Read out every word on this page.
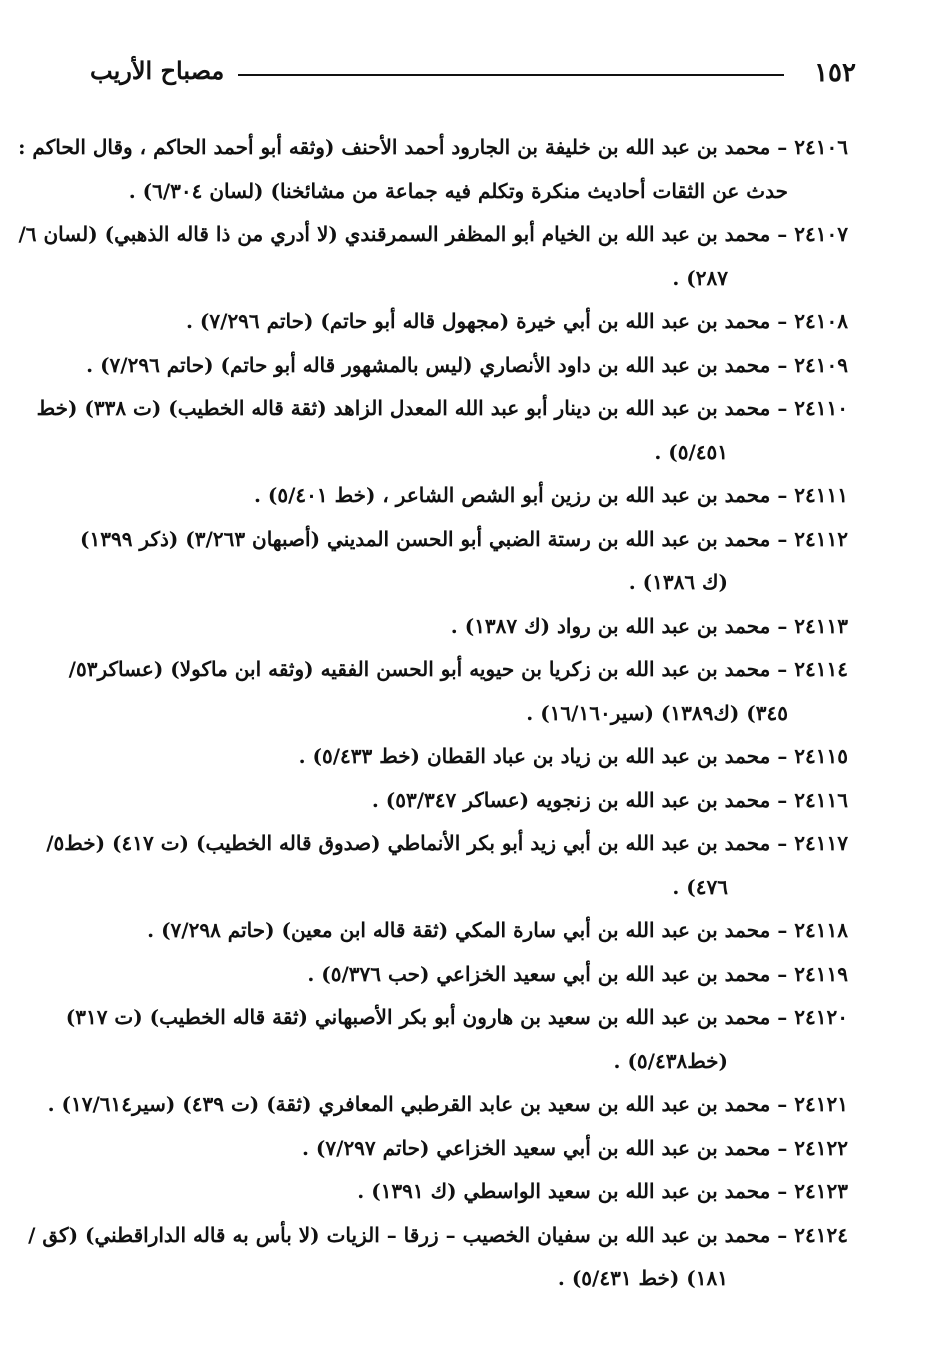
١٥٢
مصباح الأريب
٢٤١٠٦ – محمد بن عبد الله بن خليفة بن الجارود أحمد الأحنف (وثقه أبو أحمد الحاكم ، وقال الحاكم :
حدث عن الثقات أحاديث منكرة وتكلم فيه جماعة من مشائخنا) (لسان ٦/٣٠٤) .
٢٤١٠٧ – محمد بن عبد الله بن الخيام أبو المظفر السمرقندي (لا أدري من ذا قاله الذهبي) (لسان ٦/
٢٨٧) .
٢٤١٠٨ – محمد بن عبد الله بن أبي خيرة (مجهول قاله أبو حاتم) (حاتم ٧/٢٩٦) .
٢٤١٠٩ – محمد بن عبد الله بن داود الأنصاري (ليس بالمشهور قاله أبو حاتم) (حاتم ٧/٢٩٦) .
٢٤١١٠ – محمد بن عبد الله بن دينار أبو عبد الله المعدل الزاهد (ثقة قاله الخطيب) (ت ٣٣٨) (خط
٥/٤٥١) .
٢٤١١١ – محمد بن عبد الله بن رزين أبو الشص الشاعر ، (خط ٥/٤٠١) .
٢٤١١٢ – محمد بن عبد الله بن رستة الضبي أبو الحسن المديني (أصبهان ٣/٢٦٣) (ذكر ١٣٩٩)
(ك ١٣٨٦) .
٢٤١١٣ – محمد بن عبد الله بن رواد (ك ١٣٨٧) .
٢٤١١٤ – محمد بن عبد الله بن زكريا بن حيويه أبو الحسن الفقيه (وثقه ابن ماكولا) (عساكر٥٣/
٣٤٥) (ك١٣٨٩) (سير١٦/١٦٠) .
٢٤١١٥ – محمد بن عبد الله بن زياد بن عباد القطان (خط ٥/٤٣٣) .
٢٤١١٦ – محمد بن عبد الله بن زنجويه (عساكر ٥٣/٣٤٧) .
٢٤١١٧ – محمد بن عبد الله بن أبي زيد أبو بكر الأنماطي (صدوق قاله الخطيب) (ت ٤١٧) (خط٥/
٤٧٦) .
٢٤١١٨ – محمد بن عبد الله بن أبي سارة المكي (ثقة قاله ابن معين) (حاتم ٧/٢٩٨) .
٢٤١١٩ – محمد بن عبد الله بن أبي سعيد الخزاعي (حب ٥/٣٧٦) .
٢٤١٢٠ – محمد بن عبد الله بن سعيد بن هارون أبو بكر الأصبهاني (ثقة قاله الخطيب) (ت ٣١٧)
(خط٥/٤٣٨) .
٢٤١٢١ – محمد بن عبد الله بن سعيد بن عابد القرطبي المعافري (ثقة) (ت ٤٣٩) (سير١٧/٦١٤) .
٢٤١٢٢ – محمد بن عبد الله بن أبي سعيد الخزاعي (حاتم ٧/٢٩٧) .
٢٤١٢٣ – محمد بن عبد الله بن سعيد الواسطي (ك ١٣٩١) .
٢٤١٢٤ – محمد بن عبد الله بن سفيان الخصيب – زرقا – الزيات (لا بأس به قاله الداراقطني) (كق /
١٨١) (خط ٥/٤٣١) .
